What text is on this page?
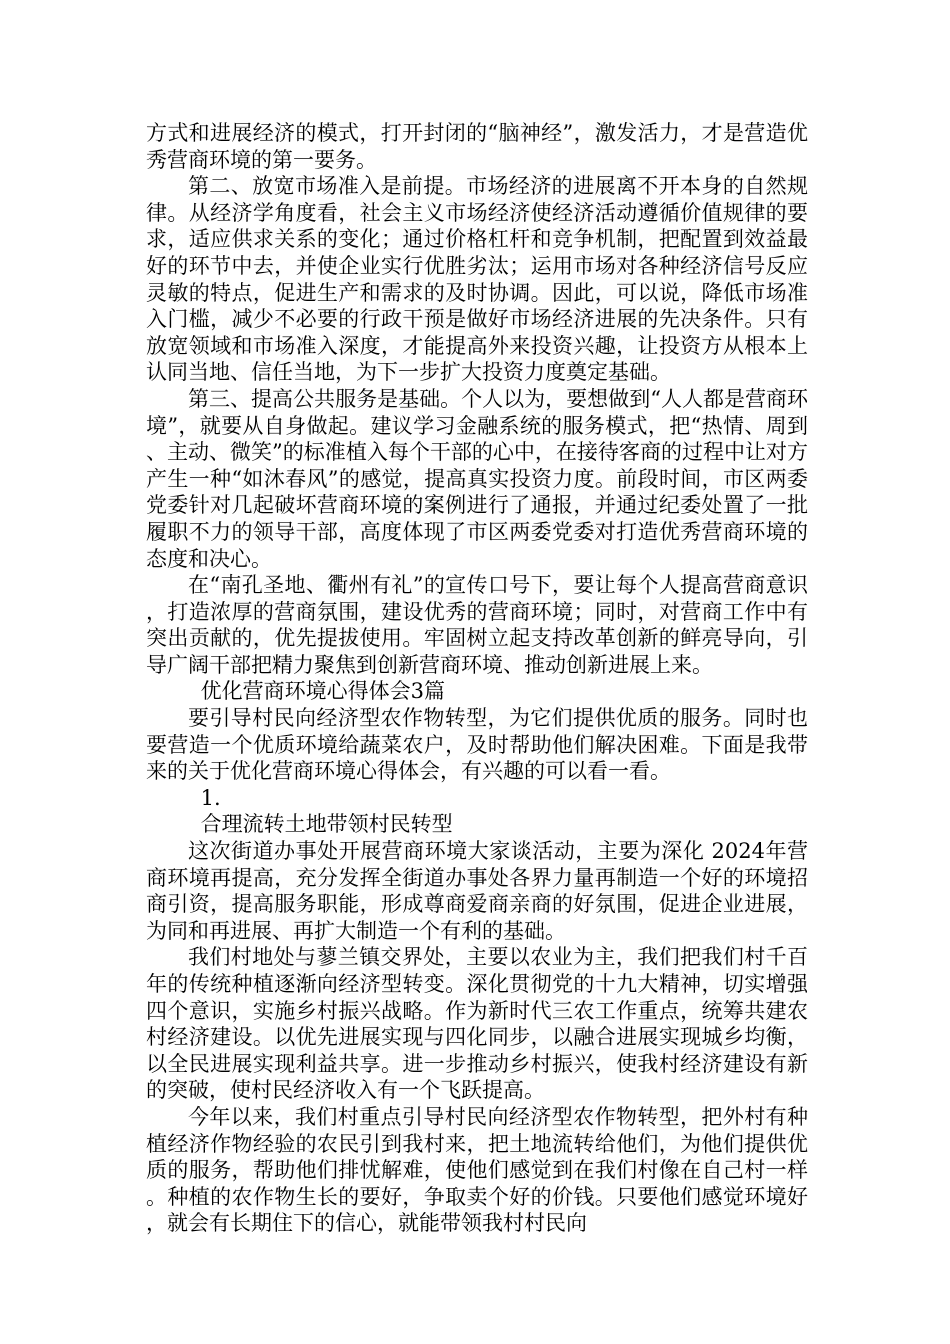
方式和进展经济的模式，打开封闭的“脑神经”，激发活力，才是营造优秀营商环境的第一要务。

第二、放宽市场准入是前提。市场经济的进展离不开本身的自然规律。从经济学角度看，社会主义市场经济使经济活动遵循价值规律的要求，适应供求关系的变化；通过价格杠杆和竞争机制，把配置到效益最好的环节中去，并使企业实行优胜劣汰；运用市场对各种经济信号反应灵敏的特点，促进生产和需求的及时协调。因此，可以说，降低市场准入门槛，减少不必要的行政干预是做好市场经济进展的先决条件。只有放宽领域和市场准入深度，才能提高外来投资兴趣，让投资方从根本上认同当地、信任当地，为下一步扩大投资力度奠定基础。

第三、提高公共服务是基础。个人以为，要想做到“人人都是营商环境”，就要从自身做起。建议学习金融系统的服务模式，把“热情、周到、主动、微笑”的标准植入每个干部的心中，在接待客商的过程中让对方产生一种“如沐春风”的感觉，提高真实投资力度。前段时间，市区两委党委针对几起破坏营商环境的案例进行了通报，并通过纪委处置了一批履职不力的领导干部，高度体现了市区两委党委对打造优秀营商环境的态度和决心。

在“南孔圣地、衢州有礼”的宣传口号下，要让每个人提高营商意识，打造浓厚的营商氛围，建设优秀的营商环境；同时，对营商工作中有突出贡献的，优先提拔使用。牢固树立起支持改革创新的鲜亮导向，引导广阔干部把精力聚焦到创新营商环境、推动创新进展上来。

优化营商环境心得体会3篇

要引导村民向经济型农作物转型，为它们提供优质的服务。同时也要营造一个优质环境给蔬菜农户，及时帮助他们解决困难。下面是我带来的关于优化营商环境心得体会，有兴趣的可以看一看。

1.

合理流转土地带领村民转型

这次街道办事处开展营商环境大家谈活动，主要为深化 2024年营商环境再提高，充分发挥全街道办事处各界力量再制造一个好的环境招商引资，提高服务职能，形成尊商爱商亲商的好氛围，促进企业进展，为同和再进展、再扩大制造一个有利的基础。

我们村地处与蓼兰镇交界处，主要以农业为主，我们把我们村千百年的传统种植逐渐向经济型转变。深化贯彻党的十九大精神，切实增强四个意识，实施乡村振兴战略。作为新时代三农工作重点，统筹共建农村经济建设。以优先进展实现与四化同步，以融合进展实现城乡均衡，以全民进展实现利益共享。进一步推动乡村振兴，使我村经济建设有新的突破，使村民经济收入有一个飞跃提高。

今年以来，我们村重点引导村民向经济型农作物转型，把外村有种植经济作物经验的农民引到我村来，把土地流转给他们，为他们提供优质的服务，帮助他们排忧解难，使他们感觉到在我们村像在自己村一样。种植的农作物生长的要好，争取卖个好的价钱。只要他们感觉环境好，就会有长期住下的信心，就能带领我村村民向
